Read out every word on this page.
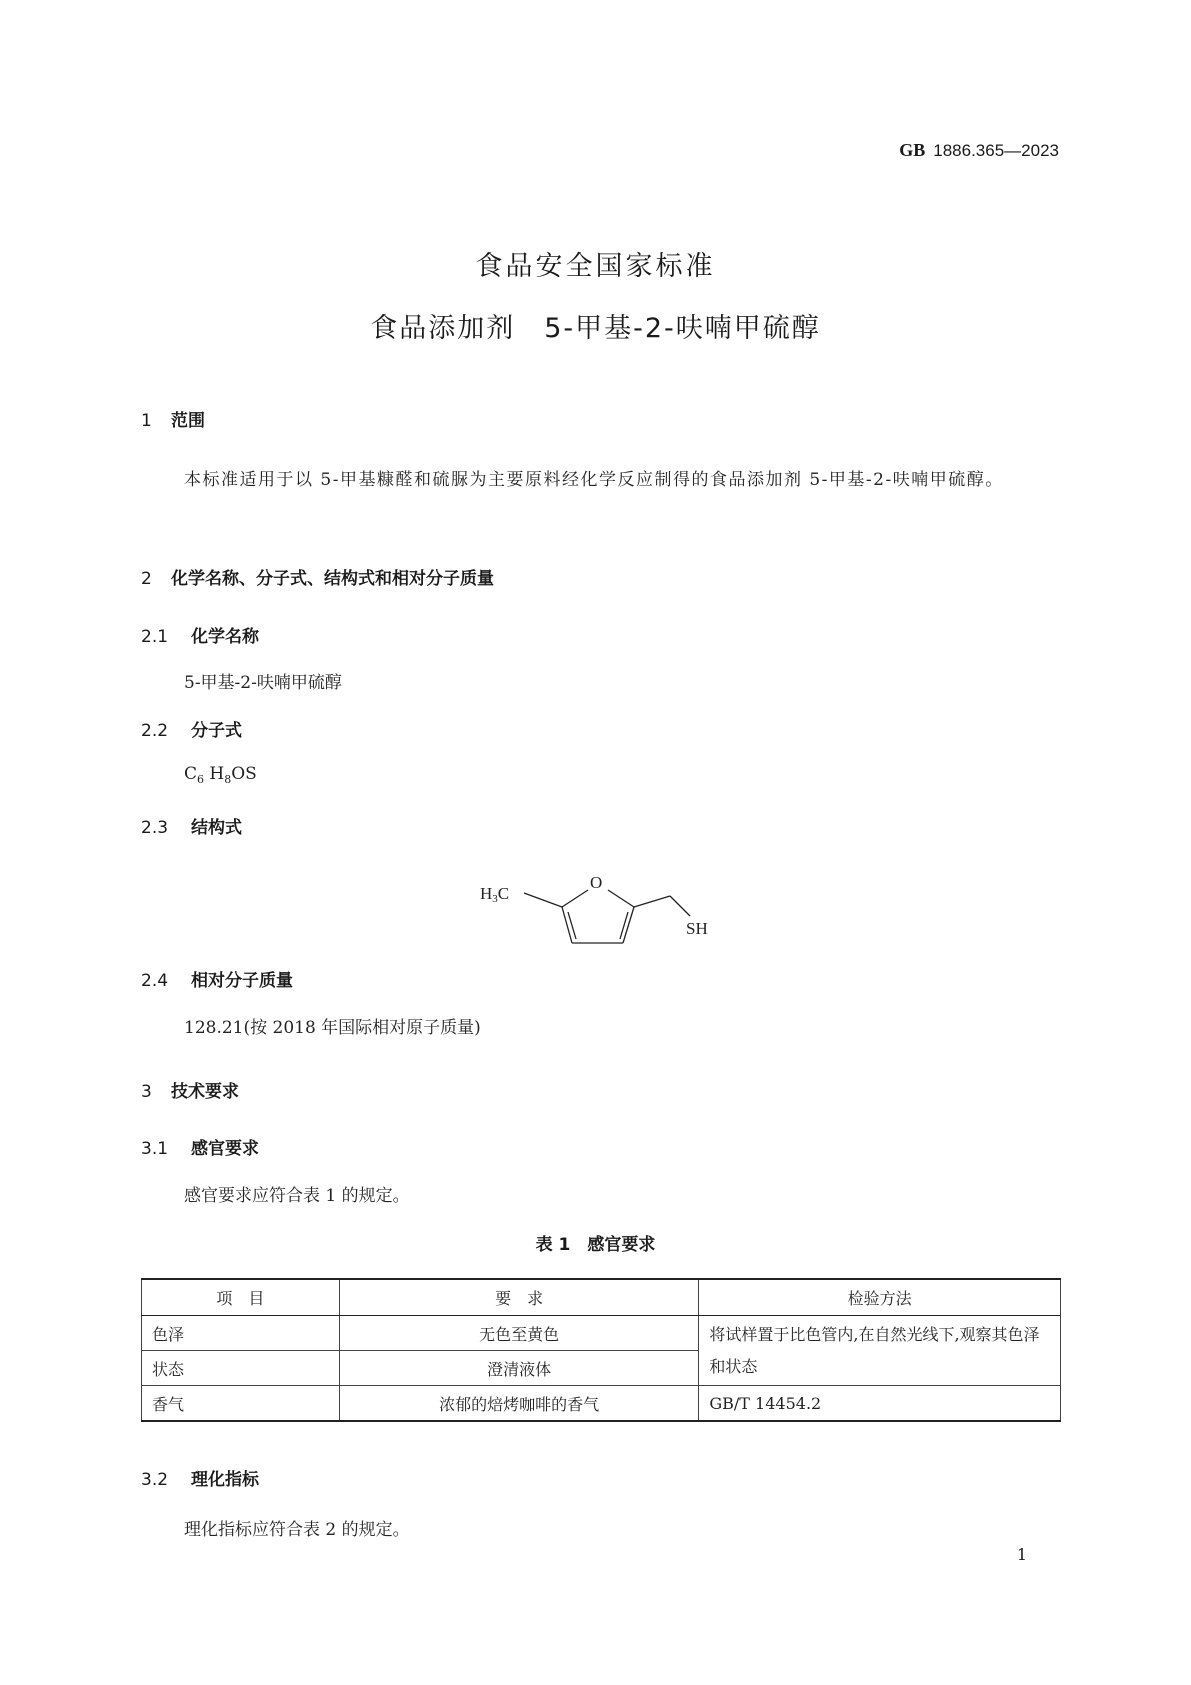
GB 1886.365—2023
食品安全国家标准
食品添加剂　5-甲基-2-呋喃甲硫醇
1 范围
本标准适用于以 5-甲基糠醛和硫脲为主要原料经化学反应制得的食品添加剂 5-甲基-2-呋喃甲硫醇。
2 化学名称、分子式、结构式和相对分子质量
2.1 化学名称
5-甲基-2-呋喃甲硫醇
2.2 分子式
$C_6$ $H_8OS$
2.3 结构式
H3C
O
SH
2.4 相对分子质量
128.21(按 2018 年国际相对原子质量)
3 技术要求
3.1 感官要求
感官要求应符合表 1 的规定。
表 1　感官要求
项　目	要　求	检验方法
色泽	无色至黄色	将试样置于比色管内,在自然光线下,观察其色泽和状态
状态	澄清液体	
香气	浓郁的焙烤咖啡的香气	GB/T 14454.2
3.2 理化指标
理化指标应符合表 2 的规定。
1
